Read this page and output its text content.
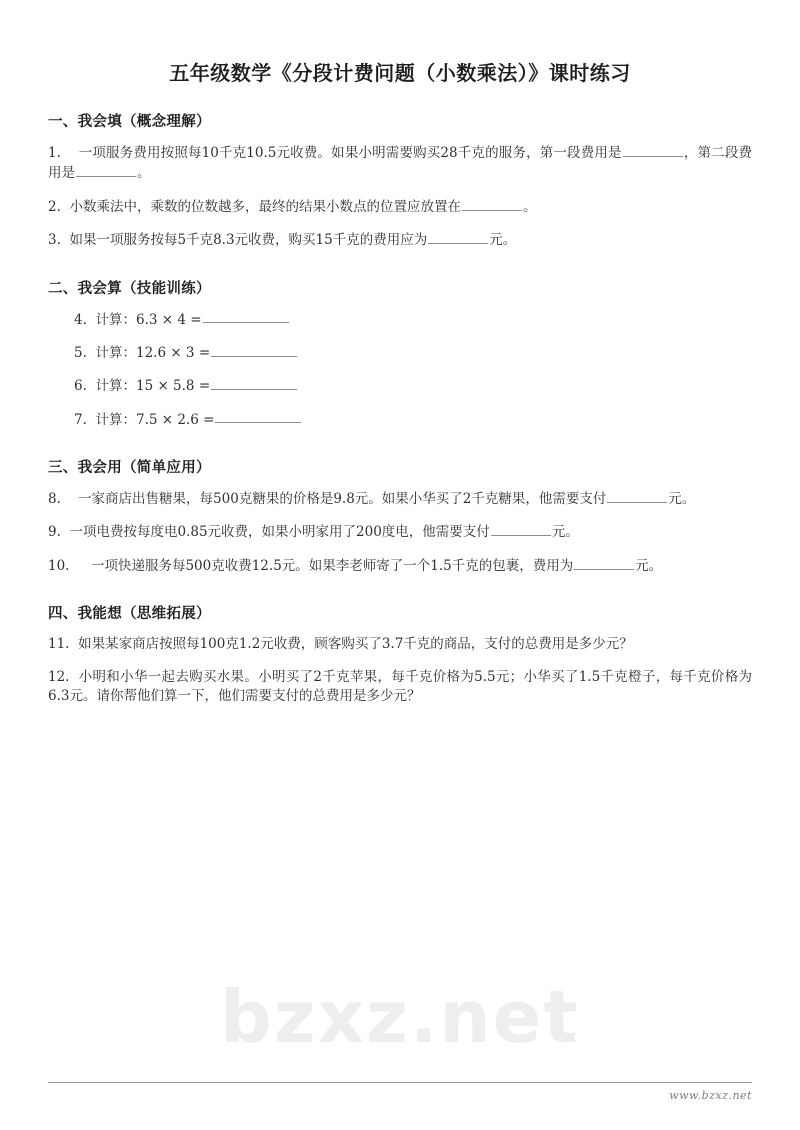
bzxz.net
五年级数学《分段计费问题（小数乘法）》课时练习

一、我会填（概念理解）

1. 一项服务费用按照每10千克10.5元收费。如果小明需要购买28千克的服务，第一段费用是	，第二段费用是	。

2. 小数乘法中，乘数的位数越多，最终的结果小数点的位置应放置在	。

3. 如果一项服务按每5千克8.3元收费，购买15千克的费用应为	元。

二、我会算（技能训练）

4. 计算：6.3 × 4 =

5. 计算：12.6 × 3 =

6. 计算：15 × 5.8 =

7. 计算：7.5 × 2.6 =

三、我会用（简单应用）

8. 一家商店出售糖果，每500克糖果的价格是9.8元。如果小华买了2千克糖果，他需要支付	元。

9. 一项电费按每度电0.85元收费，如果小明家用了200度电，他需要支付	元。

10. 一项快递服务每500克收费12.5元。如果李老师寄了一个1.5千克的包裹，费用为	元。

四、我能想（思维拓展）

11. 如果某家商店按照每100克1.2元收费，顾客购买了3.7千克的商品，支付的总费用是多少元？

12. 小明和小华一起去购买水果。小明买了2千克苹果，每千克价格为5.5元；小华买了1.5千克橙子，每千克价格为6.3元。请你帮他们算一下，他们需要支付的总费用是多少元？

www.bzxz.net
